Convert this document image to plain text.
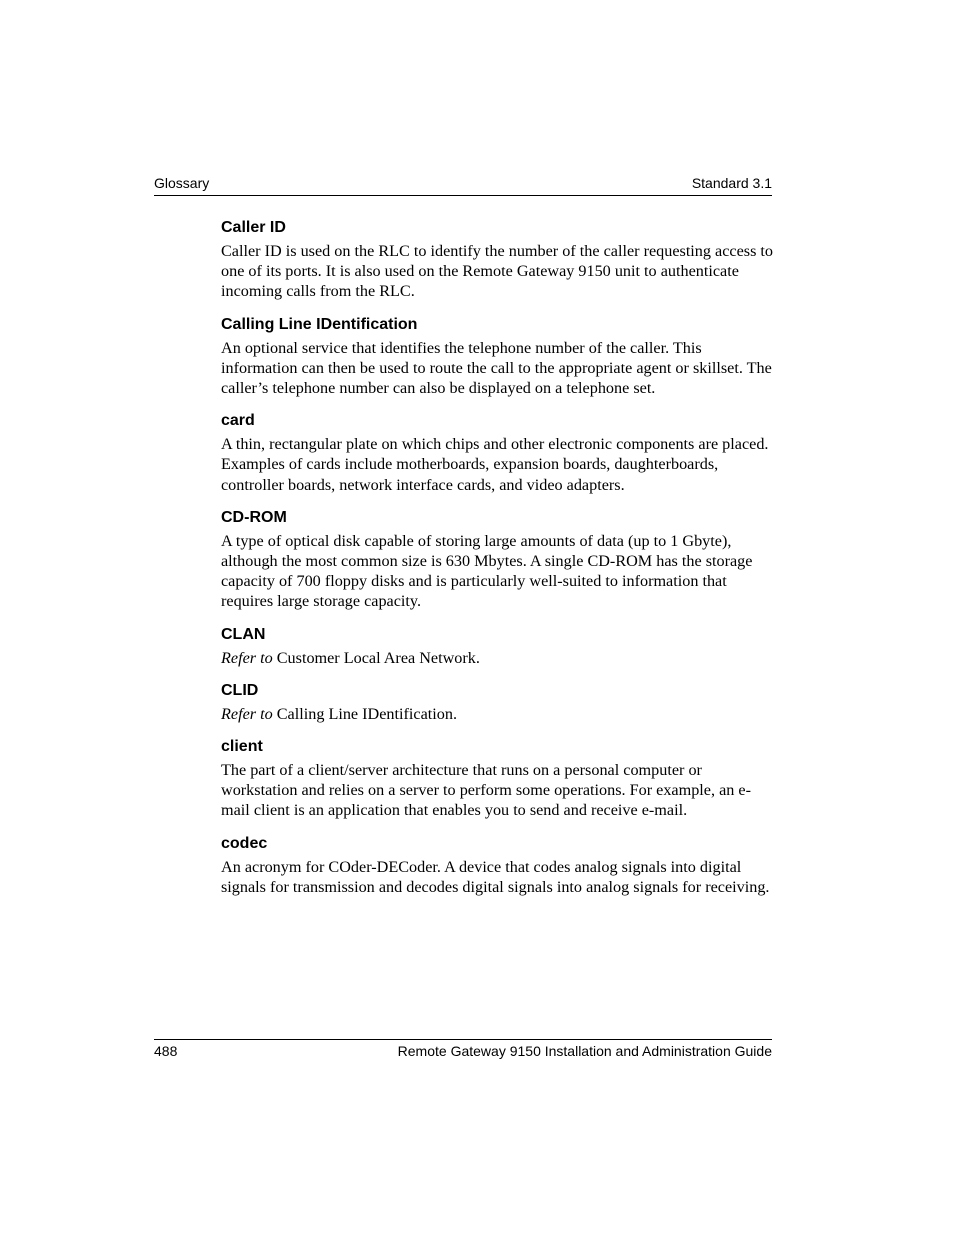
Glossary	Standard 3.1
Caller ID

Caller ID is used on the RLC to identify the number of the caller requesting access to one of its ports. It is also used on the Remote Gateway 9150 unit to authenticate incoming calls from the RLC.

Calling Line IDentification

An optional service that identifies the telephone number of the caller. This information can then be used to route the call to the appropriate agent or skillset. The caller’s telephone number can also be displayed on a telephone set.

card

A thin, rectangular plate on which chips and other electronic components are placed. Examples of cards include motherboards, expansion boards, daughterboards, controller boards, network interface cards, and video adapters.

CD-ROM

A type of optical disk capable of storing large amounts of data (up to 1 Gbyte), although the most common size is 630 Mbytes. A single CD-ROM has the storage capacity of 700 floppy disks and is particularly well-suited to information that requires large storage capacity.

CLAN

Refer to Customer Local Area Network.

CLID

Refer to Calling Line IDentification.

client

The part of a client/server architecture that runs on a personal computer or workstation and relies on a server to perform some operations. For example, an e-mail client is an application that enables you to send and receive e-mail.

codec

An acronym for COder-DECoder. A device that codes analog signals into digital signals for transmission and decodes digital signals into analog signals for receiving.

488	Remote Gateway 9150 Installation and Administration Guide
